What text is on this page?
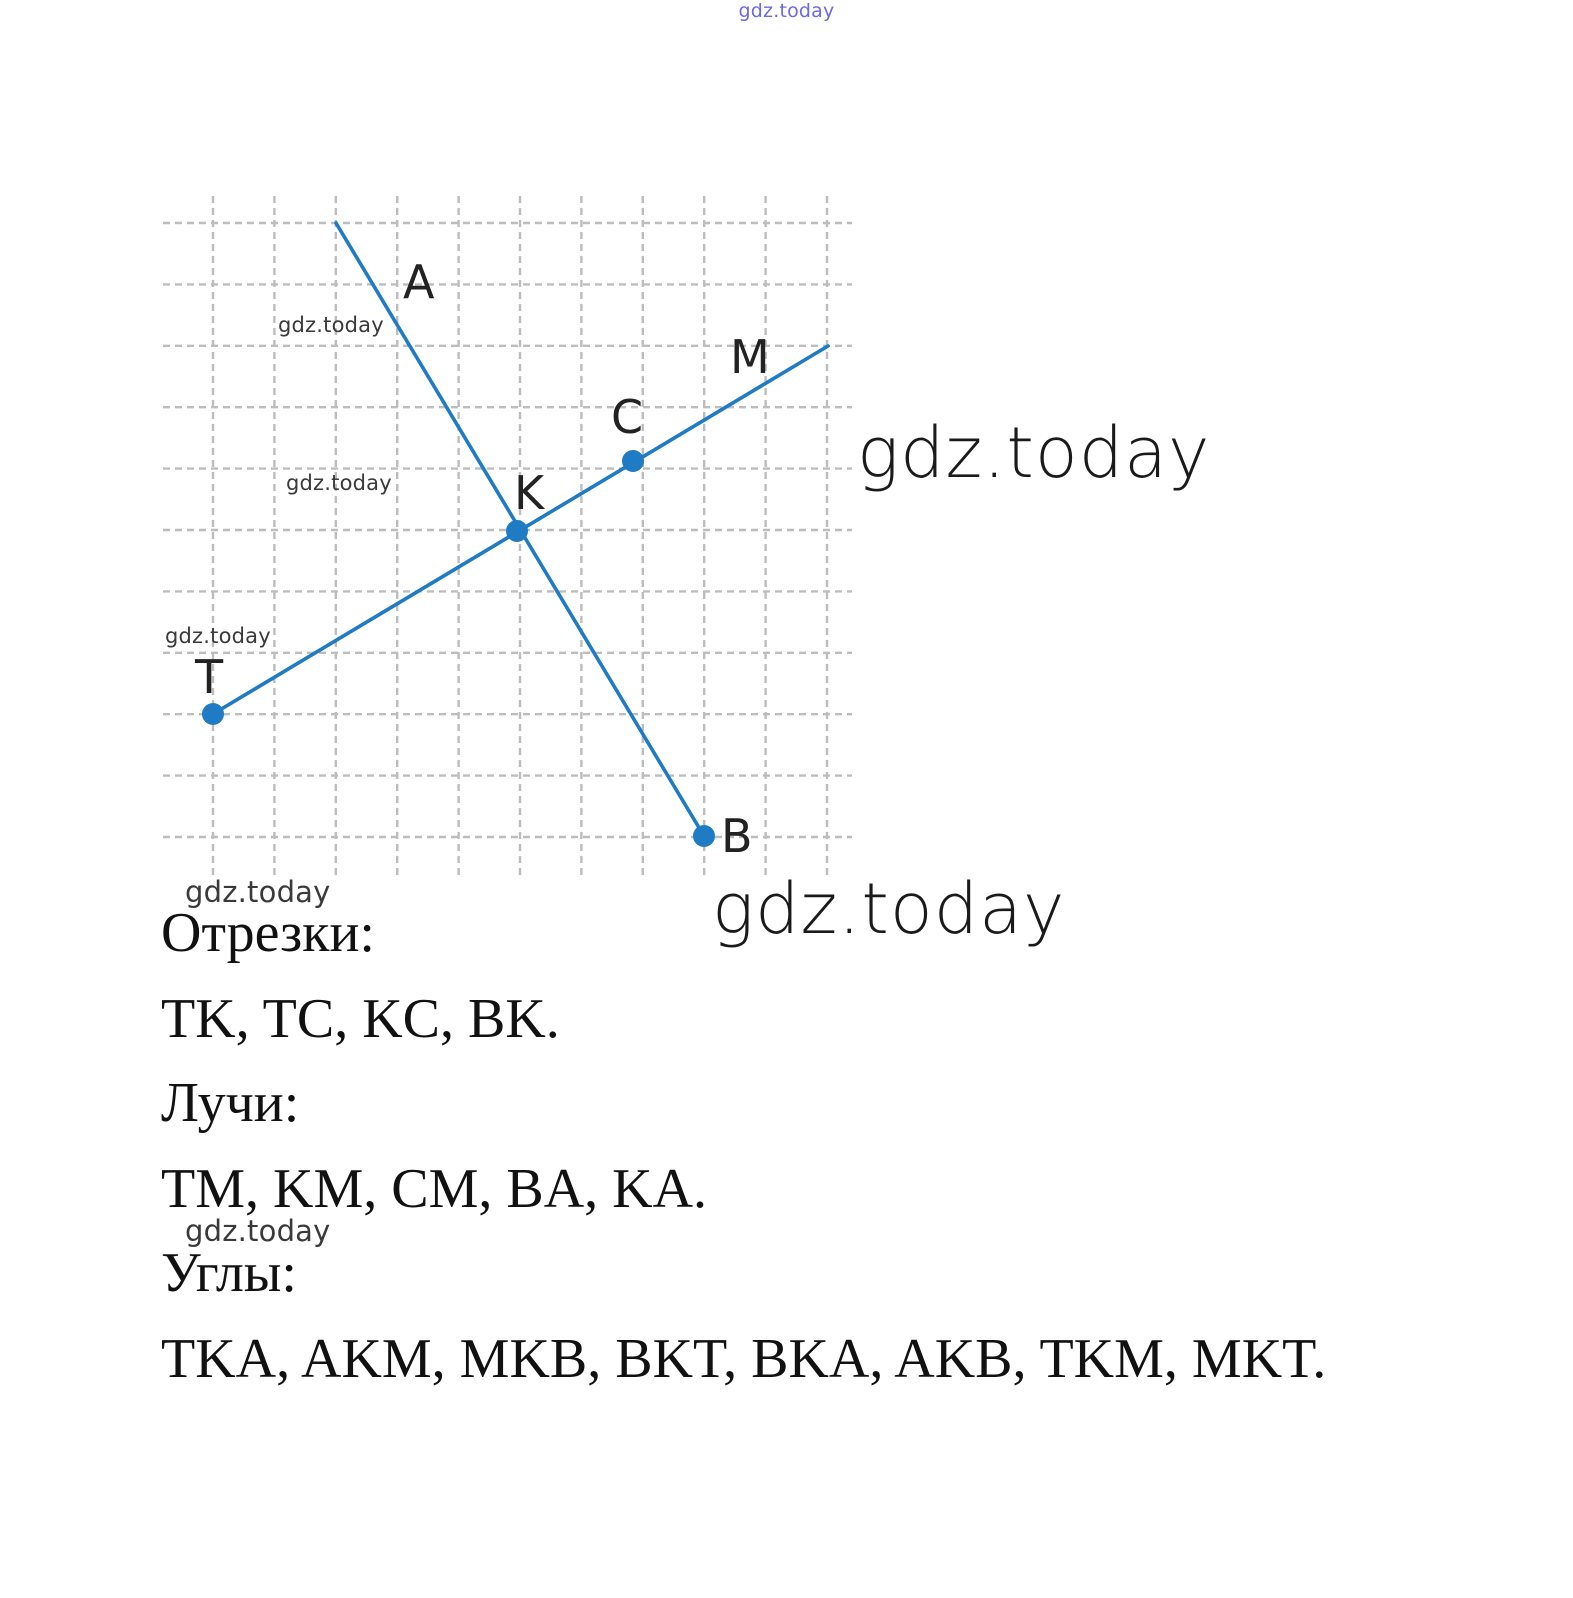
gdz.today
A
M
C
K
T
B
gdz.today
gdz.today
gdz.today
gdz.today
gdz.today	gdz.today
gdz.today
Отрезки:
TK, TC, KC, BK.
Лучи:
TM, KM, CM, BA, KA.
Углы:
TKA, AKM, MKB, BKT, BKA, AKB, TKM, MKT.
